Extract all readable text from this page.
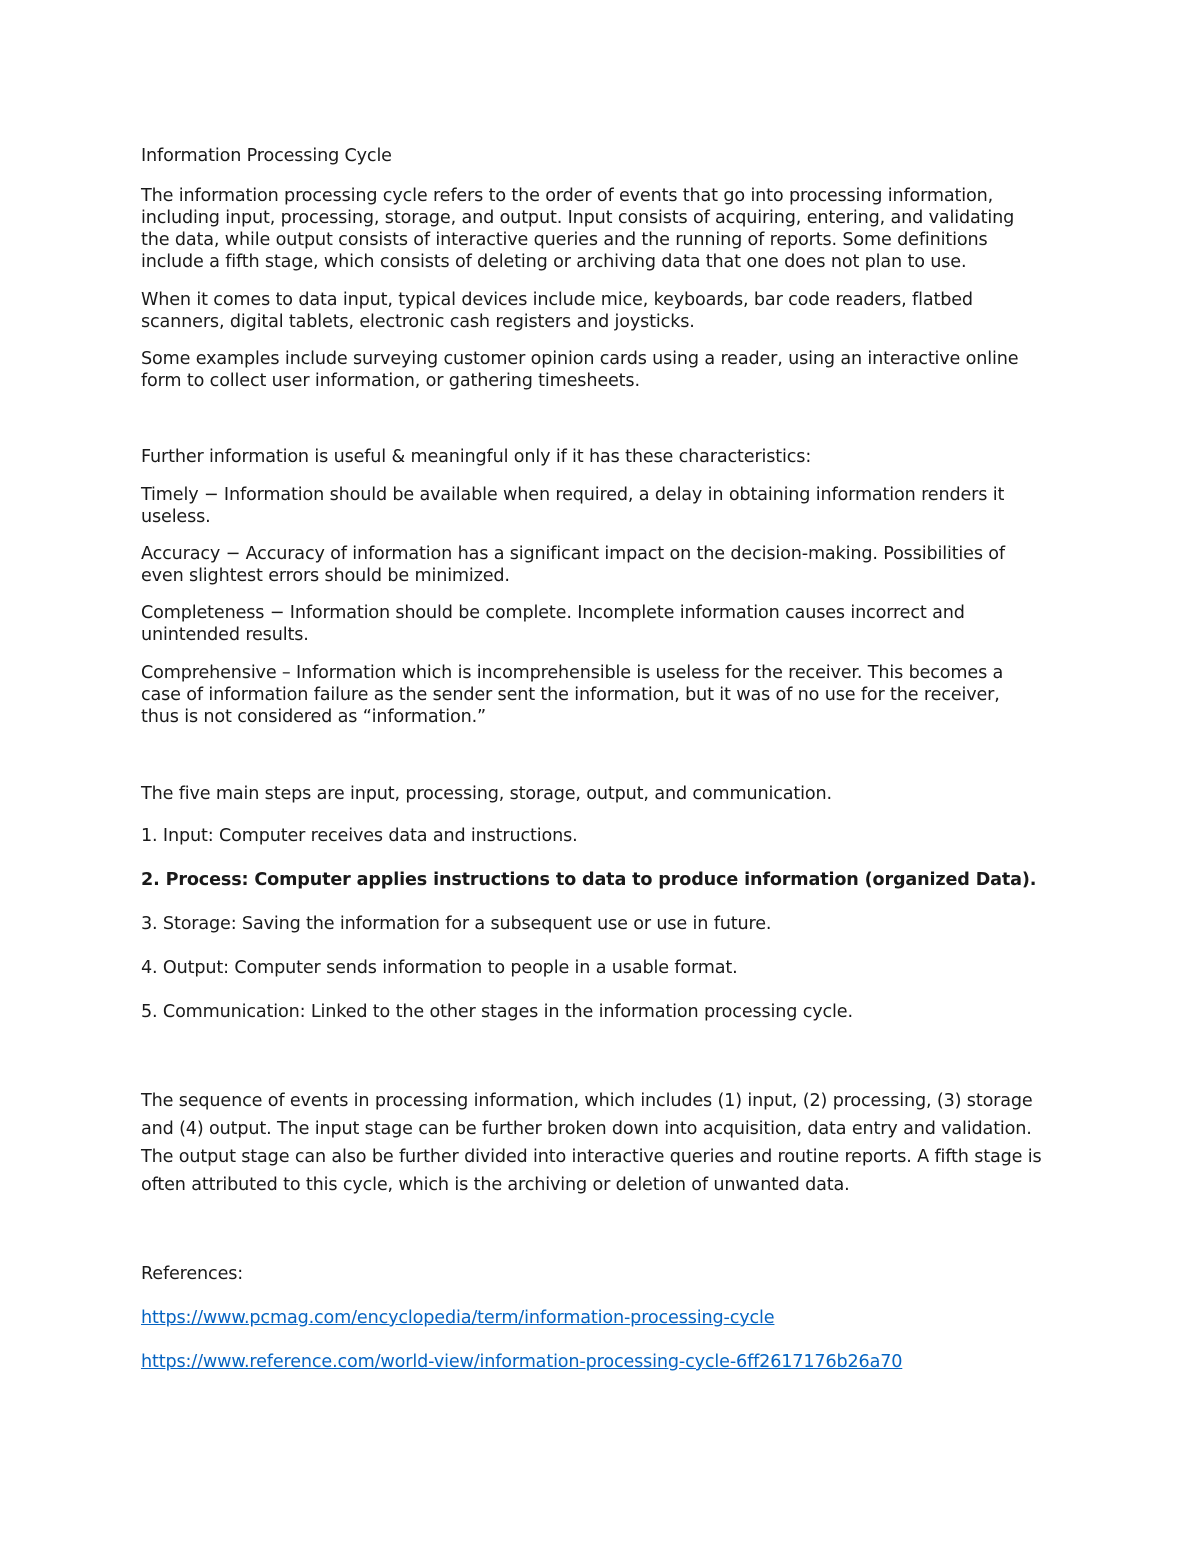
Information Processing Cycle
The information processing cycle refers to the order of events that go into processing information,
including input, processing, storage, and output. Input consists of acquiring, entering, and validating
the data, while output consists of interactive queries and the running of reports. Some definitions
include a fifth stage, which consists of deleting or archiving data that one does not plan to use.
When it comes to data input, typical devices include mice, keyboards, bar code readers, flatbed
scanners, digital tablets, electronic cash registers and joysticks.
Some examples include surveying customer opinion cards using a reader, using an interactive online
form to collect user information, or gathering timesheets.
Further information is useful & meaningful only if it has these characteristics:
Timely − Information should be available when required, a delay in obtaining information renders it
useless.
Accuracy − Accuracy of information has a significant impact on the decision-making. Possibilities of
even slightest errors should be minimized.
Completeness − Information should be complete. Incomplete information causes incorrect and
unintended results.
Comprehensive – Information which is incomprehensible is useless for the receiver. This becomes a
case of information failure as the sender sent the information, but it was of no use for the receiver,
thus is not considered as “information.”
The five main steps are input, processing, storage, output, and communication.
1. Input: Computer receives data and instructions.
2. Process: Computer applies instructions to data to produce information (organized Data).
3. Storage: Saving the information for a subsequent use or use in future.
4. Output: Computer sends information to people in a usable format.
5. Communication: Linked to the other stages in the information processing cycle.
The sequence of events in processing information, which includes (1) input, (2) processing, (3) storage
and (4) output. The input stage can be further broken down into acquisition, data entry and validation.
The output stage can also be further divided into interactive queries and routine reports. A fifth stage is
often attributed to this cycle, which is the archiving or deletion of unwanted data.
References:
https://www.pcmag.com/encyclopedia/term/information-processing-cycle
https://www.reference.com/world-view/information-processing-cycle-6ff2617176b26a70
